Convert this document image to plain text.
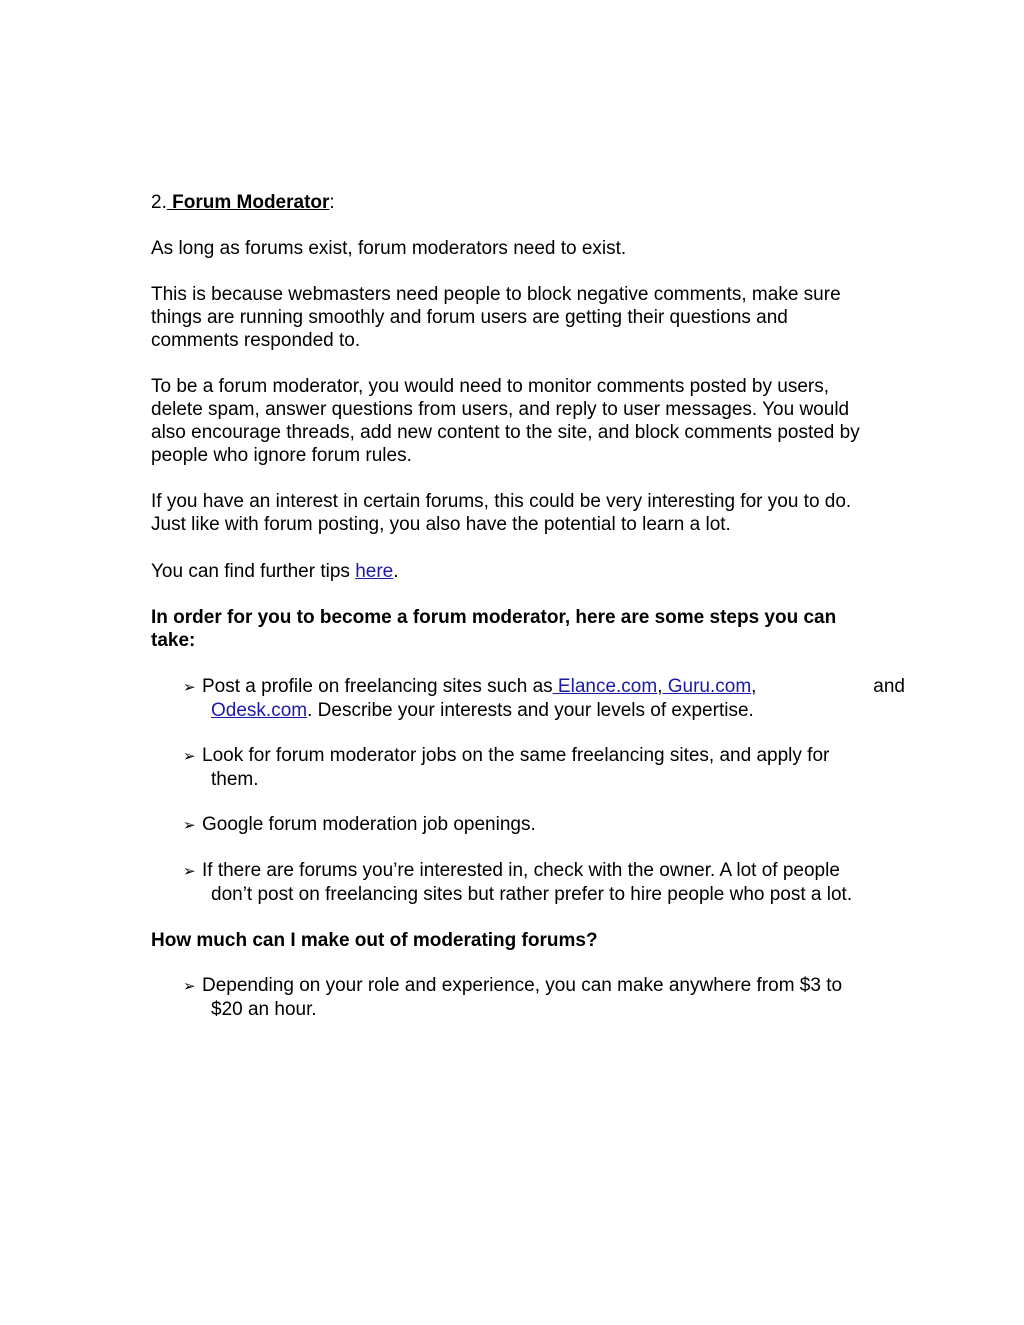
2. Forum Moderator:

As long as forums exist, forum moderators need to exist.

This is because webmasters need people to block negative comments, make sure
things are running smoothly and forum users are getting their questions and
comments responded to.

To be a forum moderator, you would need to monitor comments posted by users,
delete spam, answer questions from users, and reply to user messages. You would
also encourage threads, add new content to the site, and block comments posted by
people who ignore forum rules.

If you have an interest in certain forums, this could be very interesting for you to do.
Just like with forum posting, you also have the potential to learn a lot.

You can find further tips here.

In order for you to become a forum moderator, here are some steps you can
take:

➢ Post a profile on freelancing sites such as Elance.com, Guru.com,	and
Odesk.com. Describe your interests and your levels of expertise.
➢ Look for forum moderator jobs on the same freelancing sites, and apply for
them.
➢ Google forum moderation job openings.
➢ If there are forums you’re interested in, check with the owner. A lot of people
don’t post on freelancing sites but rather prefer to hire people who post a lot.

How much can I make out of moderating forums?

➢ Depending on your role and experience, you can make anywhere from $3 to
$20 an hour.
